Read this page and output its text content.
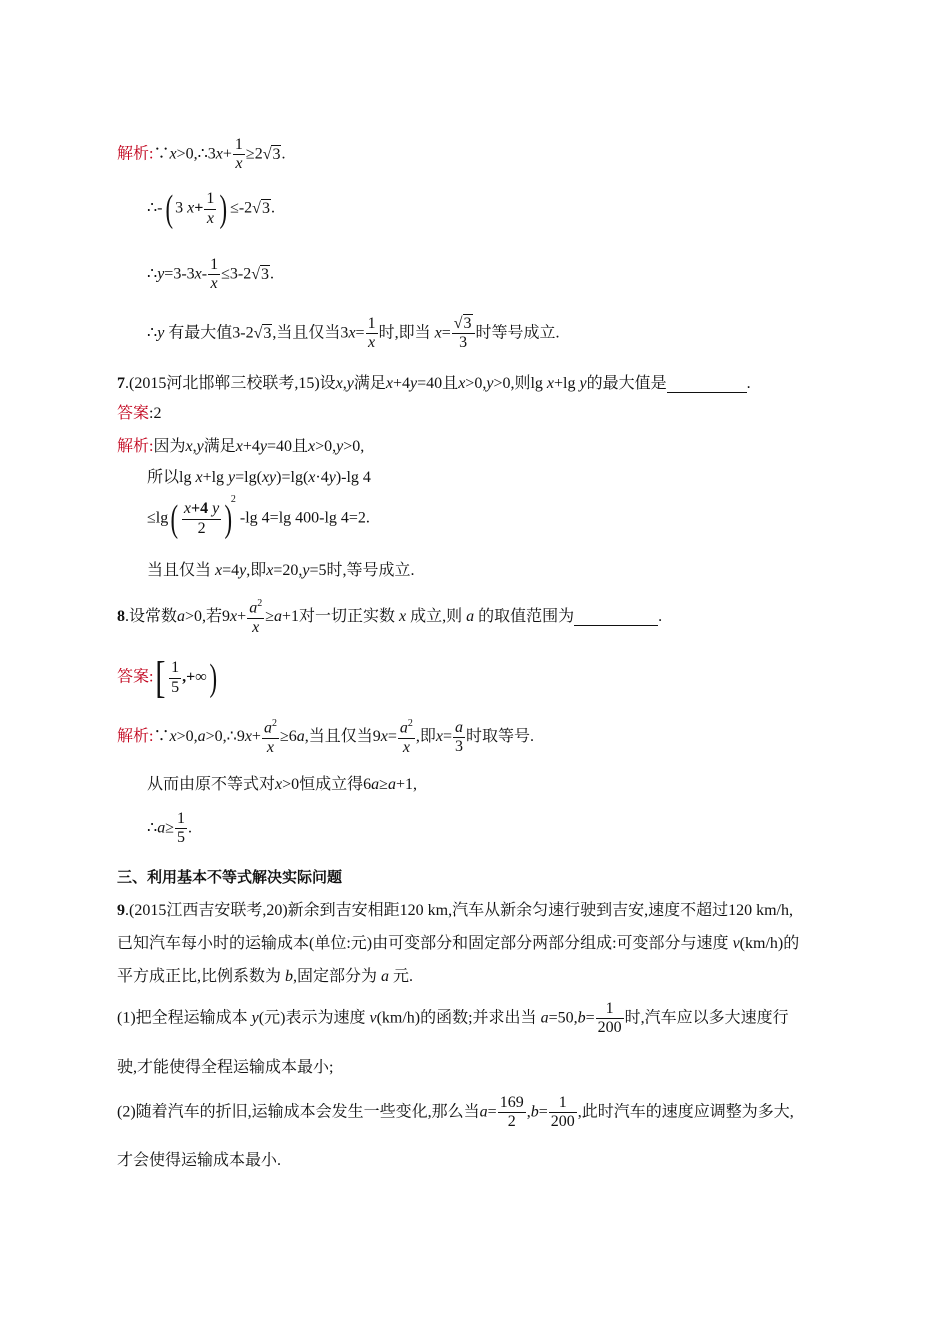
解析:∵x>0,∴3x+ $\frac{1}{x} \ge 2√3$.
∴-( 3 $x+ \frac{1}{x}$ ) ≤-2√3.
∴y=3-3x- $\frac{1}{x} \le 3-2√3$.
∴y 有最大值3-2√3,当且仅当$3x= \frac{1}{x}$ 时,即当 $x= \frac{√3}{3}$ 时等号成立.
7.(2015河北邯郸三校联考,15)设x,y满足x+4y=40且x>0,y>0,则lg x+lg y的最大值是	.
答案:2
解析:因为x,y满足x+4y=40且x>0,y>0,
所以lg x+lg y=lg(xy)=lg(x·4y)-lg 4
$\le\lg( \frac{x+4 y}{2} )^2-\lg$ 4=lg 400-lg 4=2.
当且仅当 x=4y,即x=20,y=5时,等号成立.
8.设常数a>0,若$9x+ \frac{a^2}{x} \ge a+1$对一切正实数 x 成立,则 a 的取值范围为	.
答案:[ $\frac{1}{5}$ ,+∞)
解析:∵x>0,a>0,∴9x+ $\frac{a^2}{x} \ge 6a$,当且仅当$9x= \frac{a^2}{x}$ ,即$x= \frac{a}{3}$ 时取等号.
从而由原不等式对x>0恒成立得6a≥a+1,
∴a≥ $\frac{1}{5}$ .
三、利用基本不等式解决实际问题
9.(2015江西吉安联考,20)新余到吉安相距120 km,汽车从新余匀速行驶到吉安,速度不超过120 km/h,
已知汽车每小时的运输成本(单位:元)由可变部分和固定部分两部分组成:可变部分与速度 v(km/h)的
平方成正比,比例系数为 b,固定部分为 a 元.
(1)把全程运输成本 y(元)表示为速度 v(km/h)的函数;并求出当 $a=50,b= \frac{1}{200}$ 时,汽车应以多大速度行
驶,才能使得全程运输成本最小;
(2)随着汽车的折旧,运输成本会发生一些变化,那么当$a= \frac{169}{2} ,b= \frac{1}{200}$ ,此时汽车的速度应调整为多大,
才会使得运输成本最小.
